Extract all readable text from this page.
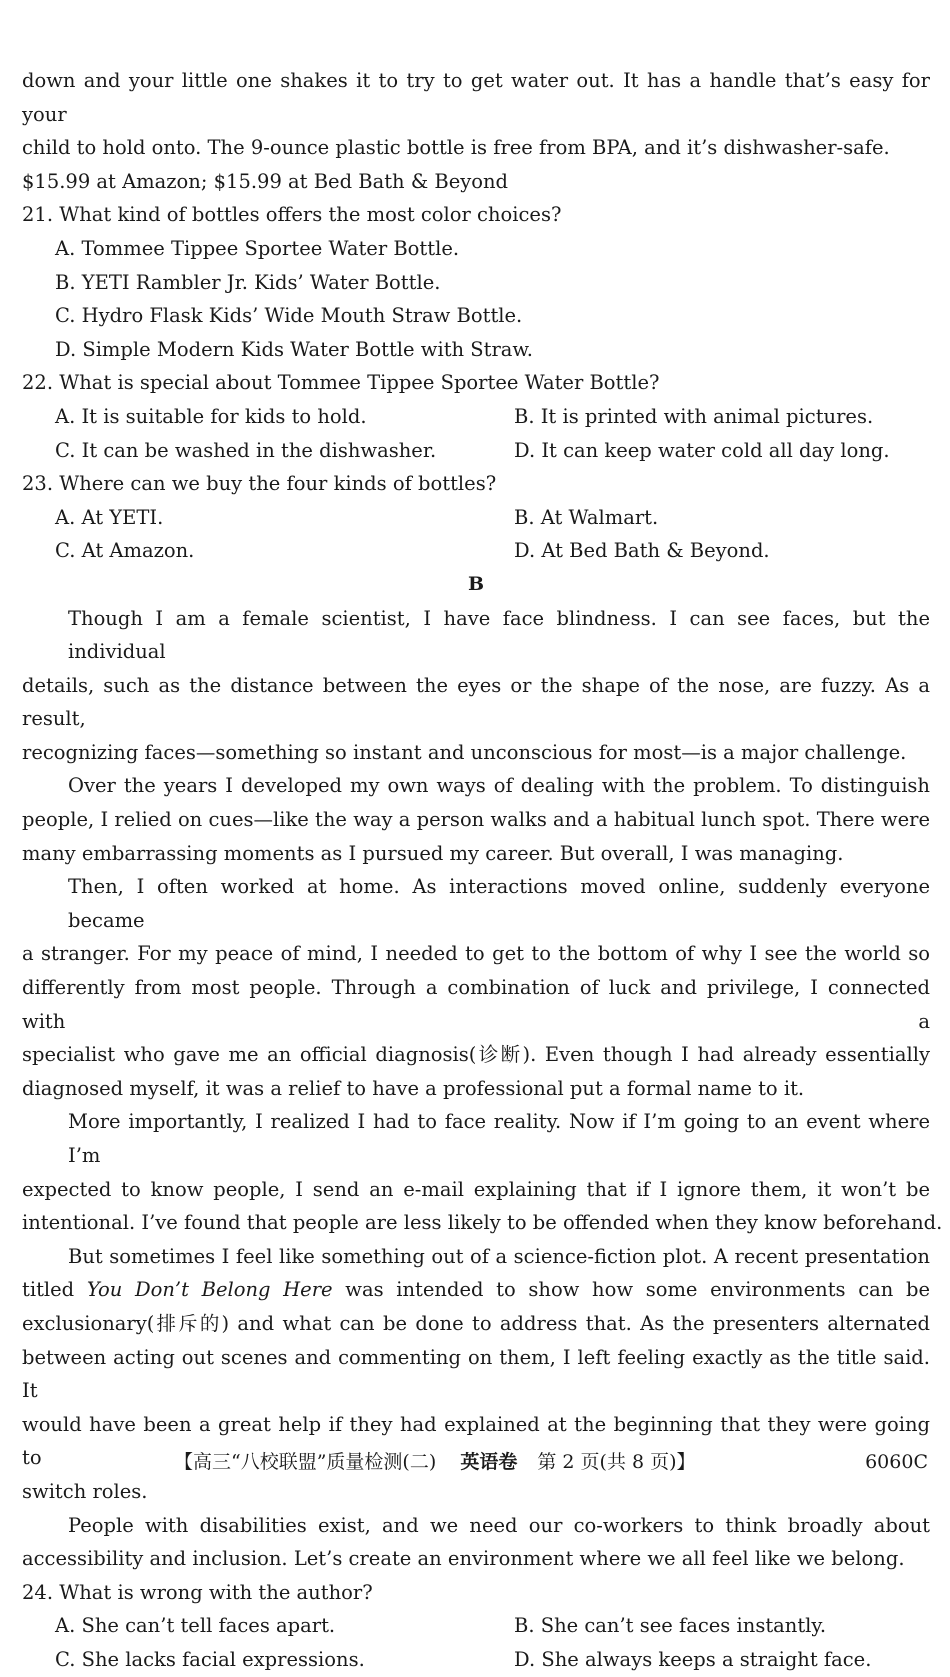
down and your little one shakes it to try to get water out. It has a handle that’s easy for your
child to hold onto. The 9-ounce plastic bottle is free from BPA, and it’s dishwasher-safe.
$15.99 at Amazon; $15.99 at Bed Bath & Beyond
21. What kind of bottles offers the most color choices?
A. Tommee Tippee Sportee Water Bottle.
B. YETI Rambler Jr. Kids’ Water Bottle.
C. Hydro Flask Kids’ Wide Mouth Straw Bottle.
D. Simple Modern Kids Water Bottle with Straw.
22. What is special about Tommee Tippee Sportee Water Bottle?
A. It is suitable for kids to hold.	B. It is printed with animal pictures.
C. It can be washed in the dishwasher.	D. It can keep water cold all day long.
23. Where can we buy the four kinds of bottles?
A. At YETI.	B. At Walmart.
C. At Amazon.	D. At Bed Bath & Beyond.
B
Though I am a female scientist, I have face blindness. I can see faces, but the individual
details, such as the distance between the eyes or the shape of the nose, are fuzzy. As a result,
recognizing faces—something so instant and unconscious for most—is a major challenge.
Over the years I developed my own ways of dealing with the problem. To distinguish
people, I relied on cues—like the way a person walks and a habitual lunch spot. There were
many embarrassing moments as I pursued my career. But overall, I was managing.
Then, I often worked at home. As interactions moved online, suddenly everyone became
a stranger. For my peace of mind, I needed to get to the bottom of why I see the world so
differently from most people. Through a combination of luck and privilege, I connected with a
specialist who gave me an official diagnosis(诊断). Even though I had already essentially
diagnosed myself, it was a relief to have a professional put a formal name to it.
More importantly, I realized I had to face reality. Now if I’m going to an event where I’m
expected to know people, I send an e-mail explaining that if I ignore them, it won’t be
intentional. I’ve found that people are less likely to be offended when they know beforehand.
But sometimes I feel like something out of a science-fiction plot. A recent presentation
titled You Don’t Belong Here was intended to show how some environments can be
exclusionary(排斥的) and what can be done to address that. As the presenters alternated
between acting out scenes and commenting on them, I left feeling exactly as the title said. It
would have been a great help if they had explained at the beginning that they were going to
switch roles.
People with disabilities exist, and we need our co-workers to think broadly about
accessibility and inclusion. Let’s create an environment where we all feel like we belong.
24. What is wrong with the author?
A. She can’t tell faces apart.	B. She can’t see faces instantly.
C. She lacks facial expressions.	D. She always keeps a straight face.
【高三“八校联盟”质量检测(二) 英语卷 第 2 页(共 8 页)】	6060C
